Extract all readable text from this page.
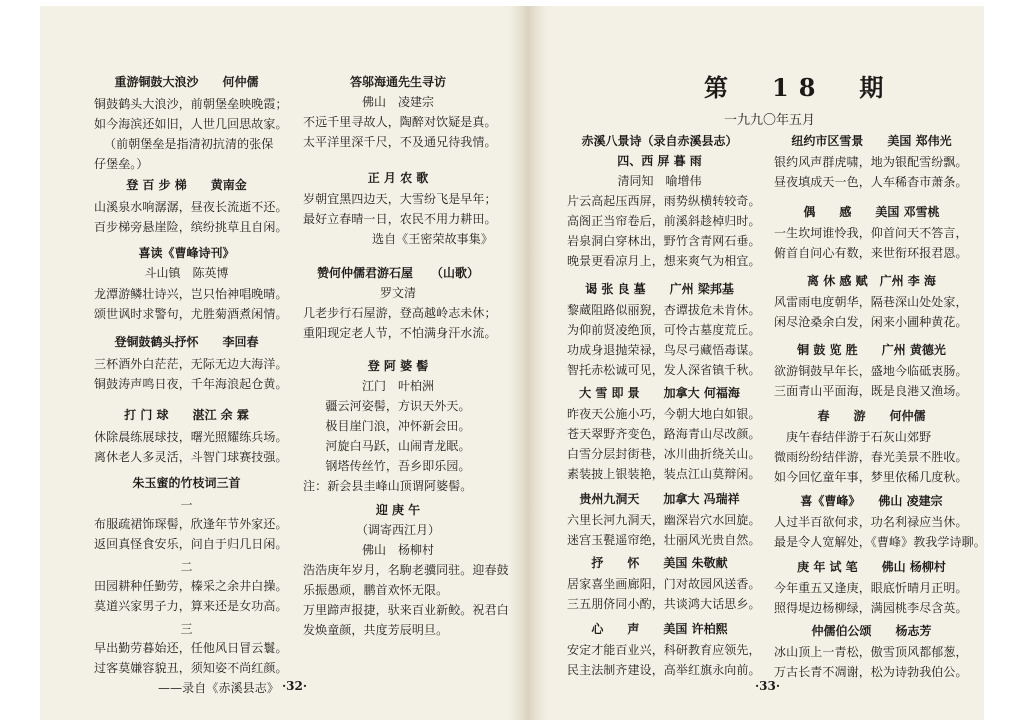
重游铜鼓大浪沙　　何仲儒
铜鼓鹤头大浪沙，前朝堡垒映晚霞；
如今海滨还如旧，人世几回思故家。
（前朝堡垒是指清初抗清的张保
仔堡垒。）
登 百 步 梯　　黄南金
山溪泉水响潺潺，昼夜长流逝不还。
百步梯旁悬崖险，缤纷挑草且自闲。
喜读《曹峰诗刊》
斗山镇　陈英博
龙潭游鳞壮诗兴，岂只怡神唱晚晴。
颂世讽时求警句，尤胜菊酒煮闲情。
登铜鼓鹤头抒怀　　李回春
三杯酒外白茫茫，无际无边大海洋。
铜鼓涛声鸣日夜，千年海浪起仓黄。
打 门 球　　湛江 余 霖
休除晨练展球技，曙光照耀练兵场。
离休老人多灵活，斗智门球赛技强。
朱玉蜜的竹枝词三首
一
布服疏裙饰琛髻，欣逢年节外家还。
返回真怪食安乐，问自于归几日闲。
二
田园耕种任勤劳，榛采之余井白操。
莫道兴家男子力，算来还是女功高。
三
早出勤劳暮始还，任他风日冒云鬟。
过客莫嫌容貌丑，须知姿不尚红颜。
——录自《赤溪县志》
答邬海通先生寻访
佛山　凌建宗
不远千里寻故人，陶醉对饮疑是真。
太平洋里深千尺，不及通兄待我情。
正 月 农 歌
岁朝宜黑四边天，大雪纷飞是早年；
最好立春晴一日，农民不用力耕田。
选自《王密荣故事集》
赞何仲儒君游石屋　　（山歌）
罗文清
几老步行石屋游，登高越岭志未休；
重阳现定老人节，不怕满身汗水流。
登 阿 婆 髻
江门　叶柏洲
疆云河姿髻，方识天外天。
极目崖门浪，冲怀新会田。
河旋白马跃，山闹青龙眠。
钢塔传丝竹，吾乡即乐园。
注：新会县圭峰山顶谓阿婆髻。
迎 庚 午
（调寄西江月）
佛山　杨柳村
浩浩庚年岁月，名駒老骥同驻。迎春鼓
乐振愚顽，鹏首欢怀无限。
万里蹄声报捷，驮来百业新鲛。祝君白
发焕童颜，共度芳辰明旦。
·32·
第　18　期
一九九〇年五月
赤溪八景诗（录自赤溪县志）
四、西 屏 暮 雨
清同知　喻增伟
片云高起压西屏，雨势纵横转较奇。
高阁正当帘卷后，前溪斜趁棹归时。
岩泉洞白穿林出，野竹含青网石垂。
晚景更看凉月上，想来爽气为相宜。
谒 张 良 墓　　广州 梁邦基
黎蔵阻路似丽猊，杏谭拔危未肯休。
为仰前贤凌绝顶，可怜古墓度荒丘。
功成身退抛荣禄，鸟尽弓藏悟毒谋。
智托赤松诚可见，发人深省镇千秋。
大 雪 即 景　　加拿大 何福海
昨夜天公施小巧，今朝大地白如银。
苍天翠野齐变色，路海青山尽改颜。
白雪分层封街巷，冰川曲折绕关山。
素装披上银装艳，装点江山莫辩闲。
贵州九洞天　　加拿大 冯瑞祥
六里长河九洞天，幽深岩穴水回旋。
迷宫玉甏遥帘绝，壮丽风光贵自然。
抒　　怀　　美国 朱敬献
居家喜坐画廊阳，门对故园风送香。
三五朋侪同小酌，共谈鸿大话思乡。
心　　声　　美国 许柏熙
安定才能百业兴，科研教育应领先，
民主法制齐建设，高举红旗永向前。
·33·
纽约市区雪景　　美国 郑伟光
银约风声群虎啸，地为银配雪纷飘。
昼夜填成天一色，人车稀杳市萧条。
偶　　感　　美国 邓雪桃
一生坎坷谁怜我，仰首问天不答言，
俯首自问心有数，来世衔环报君恩。
离 休 感 赋　广州 李 海
风雷雨电度朝华，隔巷深山处处家，
闲尽沧桑余白发，闲来小圃种黄花。
铜 鼓 览 胜　　广州 黄德光
欲游铜鼓早年长，盛地今临砥衷肠。
三面青山平面海，既是良港又渔场。
春　　游　　何仲儒
庚午春结伴游于石灰山郊野
微雨纷纷结伴游，春光美景不胜收。
如今回忆童年事，梦里依稀几度秋。
喜《曹峰》　　佛山 凌建宗
人过半百欲何求，功名利禄应当休。
最是令人宽解处，《曹峰》教我学诗聊。
庚 年 试 笔　　佛山 杨柳村
今年重五又逢庚，眼底忻晴月正明。
照得堤边杨柳绿，满园桃李尽含英。
仲儒伯公颂　　杨志芳
冰山顶上一青松，傲雪顶风都郁葱，
万古长青不凋谢，松为诗勃我伯公。
